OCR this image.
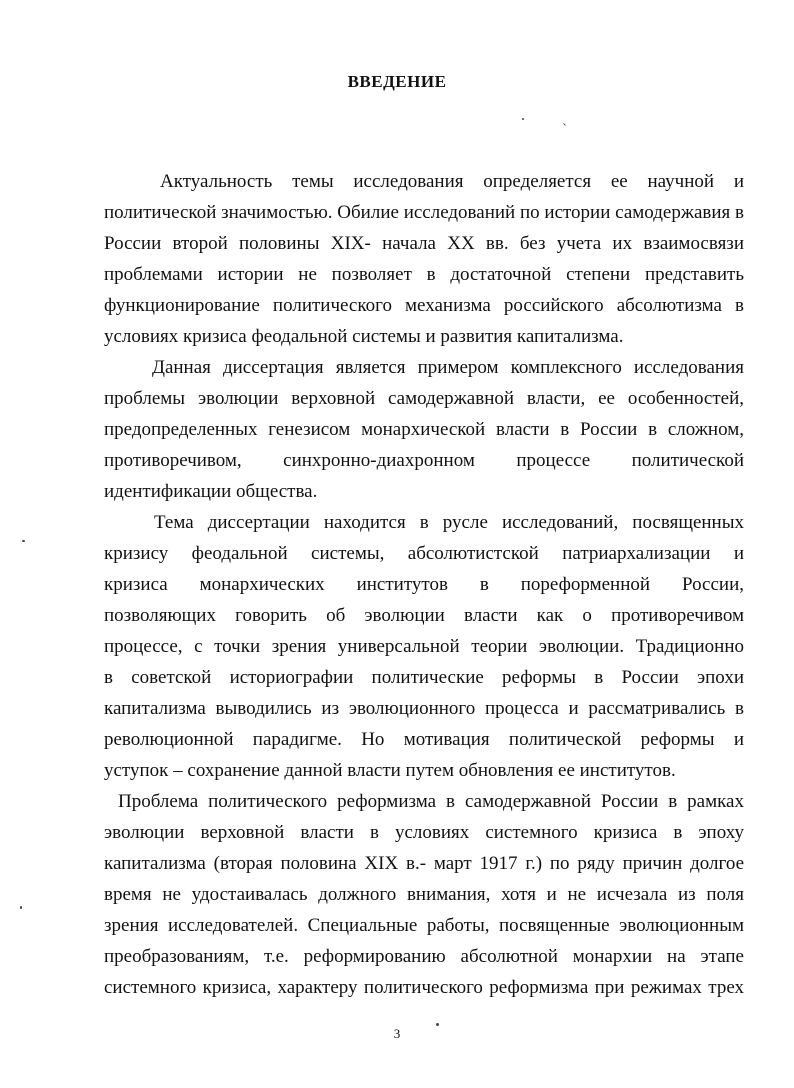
ВВЕДЕНИЕ
Актуальность темы исследования определяется ее научной и
политической значимостью. Обилие исследований по истории самодержавия в
России второй половины XIX- начала XX вв. без учета их взаимосвязи
проблемами истории не позволяет в достаточной степени представить
функционирование политического механизма российского абсолютизма в
условиях кризиса феодальной системы и развития капитализма.
Данная диссертация является примером комплексного исследования
проблемы эволюции верховной самодержавной власти, ее особенностей,
предопределенных генезисом монархической власти в России в сложном,
противоречивом, синхронно-диахронном процессе политической
идентификации общества.
Тема диссертации находится в русле исследований, посвященных
кризису феодальной системы, абсолютистской патриархализации и
кризиса монархических институтов в пореформенной России,
позволяющих говорить об эволюции власти как о противоречивом
процессе, с точки зрения универсальной теории эволюции. Традиционно
в советской историографии политические реформы в России эпохи
капитализма выводились из эволюционного процесса и рассматривались в
революционной парадигме. Но мотивация политической реформы и
уступок – сохранение данной власти путем обновления ее институтов.
Проблема политического реформизма в самодержавной России в рамках
эволюции верховной власти в условиях системного кризиса в эпоху
капитализма (вторая половина XIX в.- март 1917 г.) по ряду причин долгое
время не удостаивалась должного внимания, хотя и не исчезала из поля
зрения исследователей. Специальные работы, посвященные эволюционным
преобразованиям, т.е. реформированию абсолютной монархии на этапе
системного кризиса, характеру политического реформизма при режимах трех
3
